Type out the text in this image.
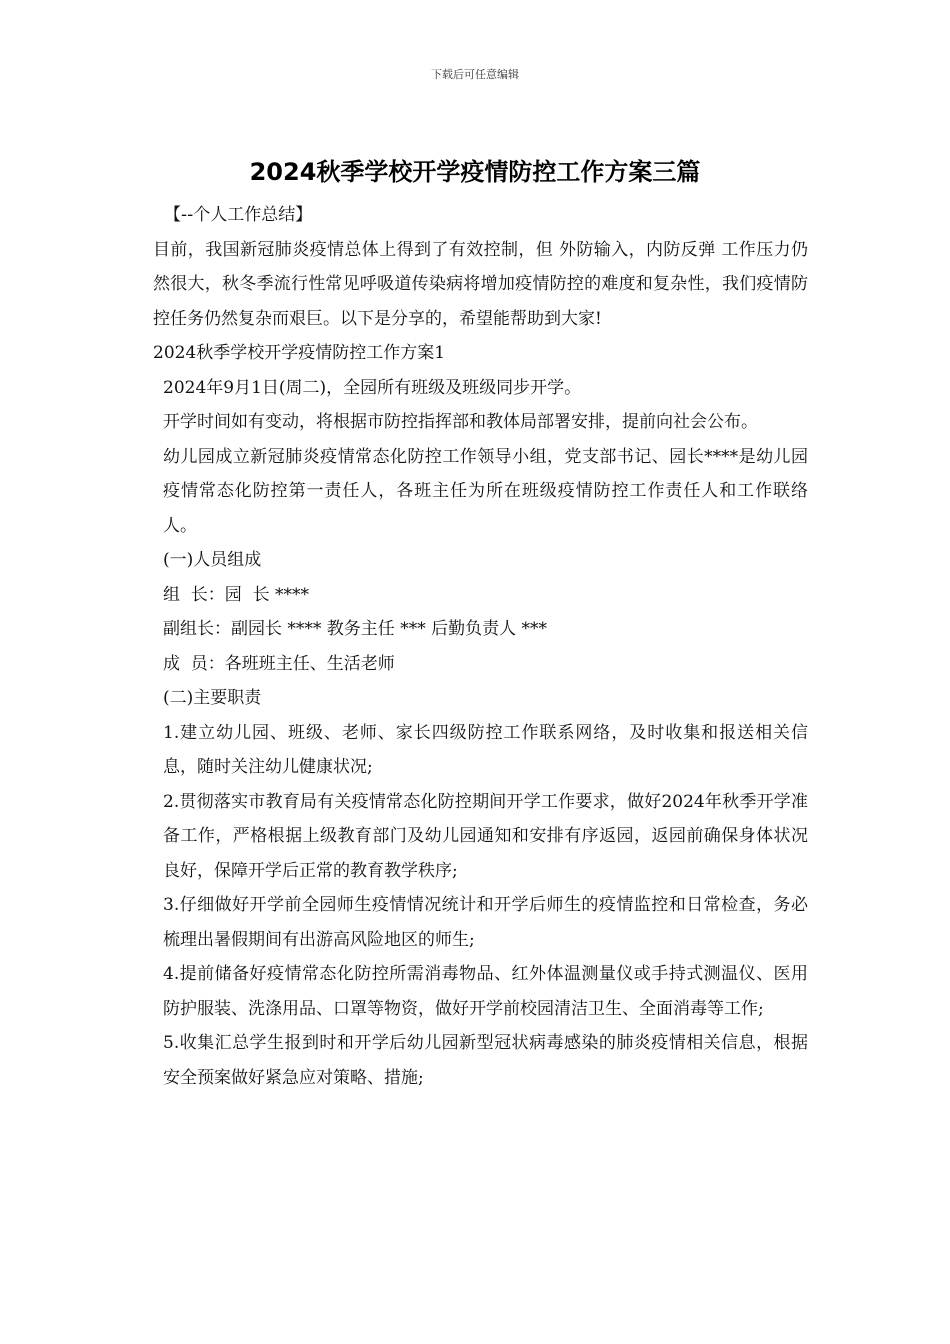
下载后可任意编辑
2024秋季学校开学疫情防控工作方案三篇

【--个人工作总结】

目前，我国新冠肺炎疫情总体上得到了有效控制，但 外防输入，内防反弹 工作压力仍然很大，秋冬季流行性常见呼吸道传染病将增加疫情防控的难度和复杂性，我们疫情防控任务仍然复杂而艰巨。以下是分享的，希望能帮助到大家!

2024秋季学校开学疫情防控工作方案1

2024年9月1日(周二)，全园所有班级及班级同步开学。

开学时间如有变动，将根据市防控指挥部和教体局部署安排，提前向社会公布。

幼儿园成立新冠肺炎疫情常态化防控工作领导小组，党支部书记、园长****是幼儿园疫情常态化防控第一责任人，各班主任为所在班级疫情防控工作责任人和工作联络人。

(一)人员组成

组  长：园  长 ****

副组长：副园长 **** 教务主任 *** 后勤负责人 ***

成  员：各班班主任、生活老师

(二)主要职责

1.建立幼儿园、班级、老师、家长四级防控工作联系网络，及时收集和报送相关信息，随时关注幼儿健康状况;

2.贯彻落实市教育局有关疫情常态化防控期间开学工作要求，做好2024年秋季开学准备工作，严格根据上级教育部门及幼儿园通知和安排有序返园，返园前确保身体状况良好，保障开学后正常的教育教学秩序;

3.仔细做好开学前全园师生疫情情况统计和开学后师生的疫情监控和日常检查，务必梳理出暑假期间有出游高风险地区的师生;

4.提前储备好疫情常态化防控所需消毒物品、红外体温测量仪或手持式测温仪、医用防护服装、洗涤用品、口罩等物资，做好开学前校园清洁卫生、全面消毒等工作;

5.收集汇总学生报到时和开学后幼儿园新型冠状病毒感染的肺炎疫情相关信息，根据安全预案做好紧急应对策略、措施;
